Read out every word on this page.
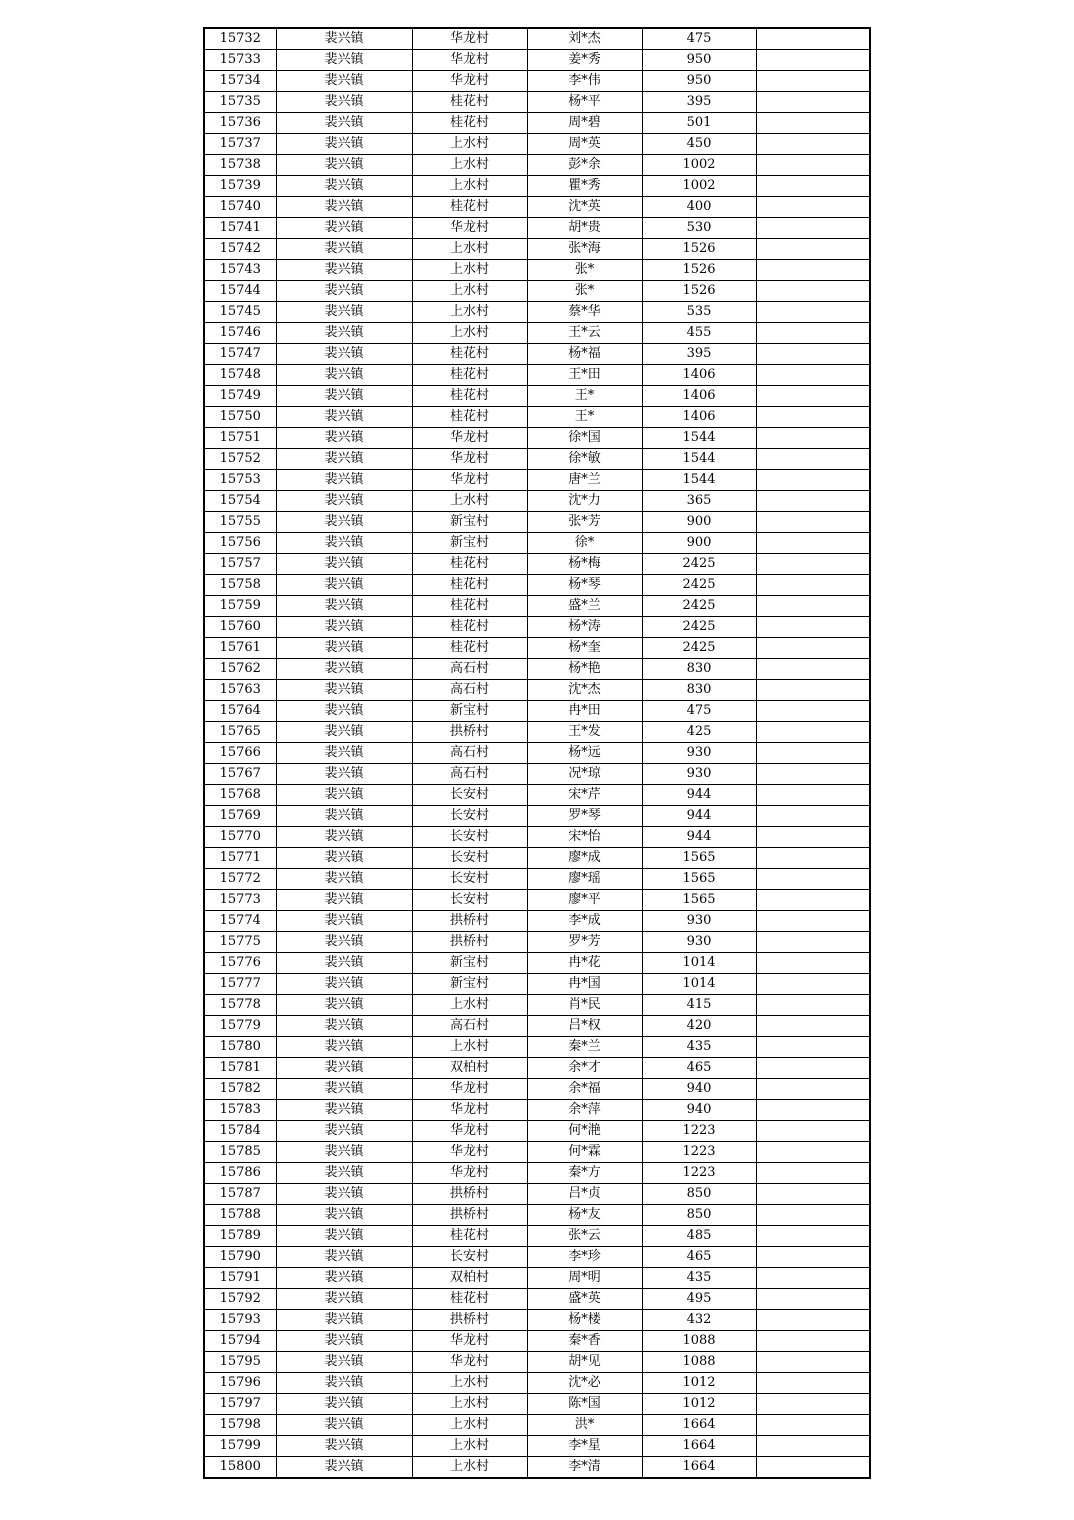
15732	裴兴镇	华龙村	刘*杰	475	
15733	裴兴镇	华龙村	姜*秀	950	
15734	裴兴镇	华龙村	李*伟	950	
15735	裴兴镇	桂花村	杨*平	395	
15736	裴兴镇	桂花村	周*碧	501	
15737	裴兴镇	上水村	周*英	450	
15738	裴兴镇	上水村	彭*余	1002	
15739	裴兴镇	上水村	瞿*秀	1002	
15740	裴兴镇	桂花村	沈*英	400	
15741	裴兴镇	华龙村	胡*贵	530	
15742	裴兴镇	上水村	张*海	1526	
15743	裴兴镇	上水村	张*	1526	
15744	裴兴镇	上水村	张*	1526	
15745	裴兴镇	上水村	蔡*华	535	
15746	裴兴镇	上水村	王*云	455	
15747	裴兴镇	桂花村	杨*福	395	
15748	裴兴镇	桂花村	王*田	1406	
15749	裴兴镇	桂花村	王*	1406	
15750	裴兴镇	桂花村	王*	1406	
15751	裴兴镇	华龙村	徐*国	1544	
15752	裴兴镇	华龙村	徐*敏	1544	
15753	裴兴镇	华龙村	唐*兰	1544	
15754	裴兴镇	上水村	沈*力	365	
15755	裴兴镇	新宝村	张*芳	900	
15756	裴兴镇	新宝村	徐*	900	
15757	裴兴镇	桂花村	杨*梅	2425	
15758	裴兴镇	桂花村	杨*琴	2425	
15759	裴兴镇	桂花村	盛*兰	2425	
15760	裴兴镇	桂花村	杨*涛	2425	
15761	裴兴镇	桂花村	杨*奎	2425	
15762	裴兴镇	高石村	杨*艳	830	
15763	裴兴镇	高石村	沈*杰	830	
15764	裴兴镇	新宝村	冉*田	475	
15765	裴兴镇	拱桥村	王*发	425	
15766	裴兴镇	高石村	杨*远	930	
15767	裴兴镇	高石村	况*琼	930	
15768	裴兴镇	长安村	宋*芹	944	
15769	裴兴镇	长安村	罗*琴	944	
15770	裴兴镇	长安村	宋*怡	944	
15771	裴兴镇	长安村	廖*成	1565	
15772	裴兴镇	长安村	廖*瑶	1565	
15773	裴兴镇	长安村	廖*平	1565	
15774	裴兴镇	拱桥村	李*成	930	
15775	裴兴镇	拱桥村	罗*芳	930	
15776	裴兴镇	新宝村	冉*花	1014	
15777	裴兴镇	新宝村	冉*国	1014	
15778	裴兴镇	上水村	肖*民	415	
15779	裴兴镇	高石村	吕*权	420	
15780	裴兴镇	上水村	秦*兰	435	
15781	裴兴镇	双柏村	余*才	465	
15782	裴兴镇	华龙村	余*福	940	
15783	裴兴镇	华龙村	余*萍	940	
15784	裴兴镇	华龙村	何*滟	1223	
15785	裴兴镇	华龙村	何*霖	1223	
15786	裴兴镇	华龙村	秦*方	1223	
15787	裴兴镇	拱桥村	吕*贞	850	
15788	裴兴镇	拱桥村	杨*友	850	
15789	裴兴镇	桂花村	张*云	485	
15790	裴兴镇	长安村	李*珍	465	
15791	裴兴镇	双柏村	周*明	435	
15792	裴兴镇	桂花村	盛*英	495	
15793	裴兴镇	拱桥村	杨*楼	432	
15794	裴兴镇	华龙村	秦*香	1088	
15795	裴兴镇	华龙村	胡*见	1088	
15796	裴兴镇	上水村	沈*必	1012	
15797	裴兴镇	上水村	陈*国	1012	
15798	裴兴镇	上水村	洪*	1664	
15799	裴兴镇	上水村	李*星	1664	
15800	裴兴镇	上水村	李*清	1664	
